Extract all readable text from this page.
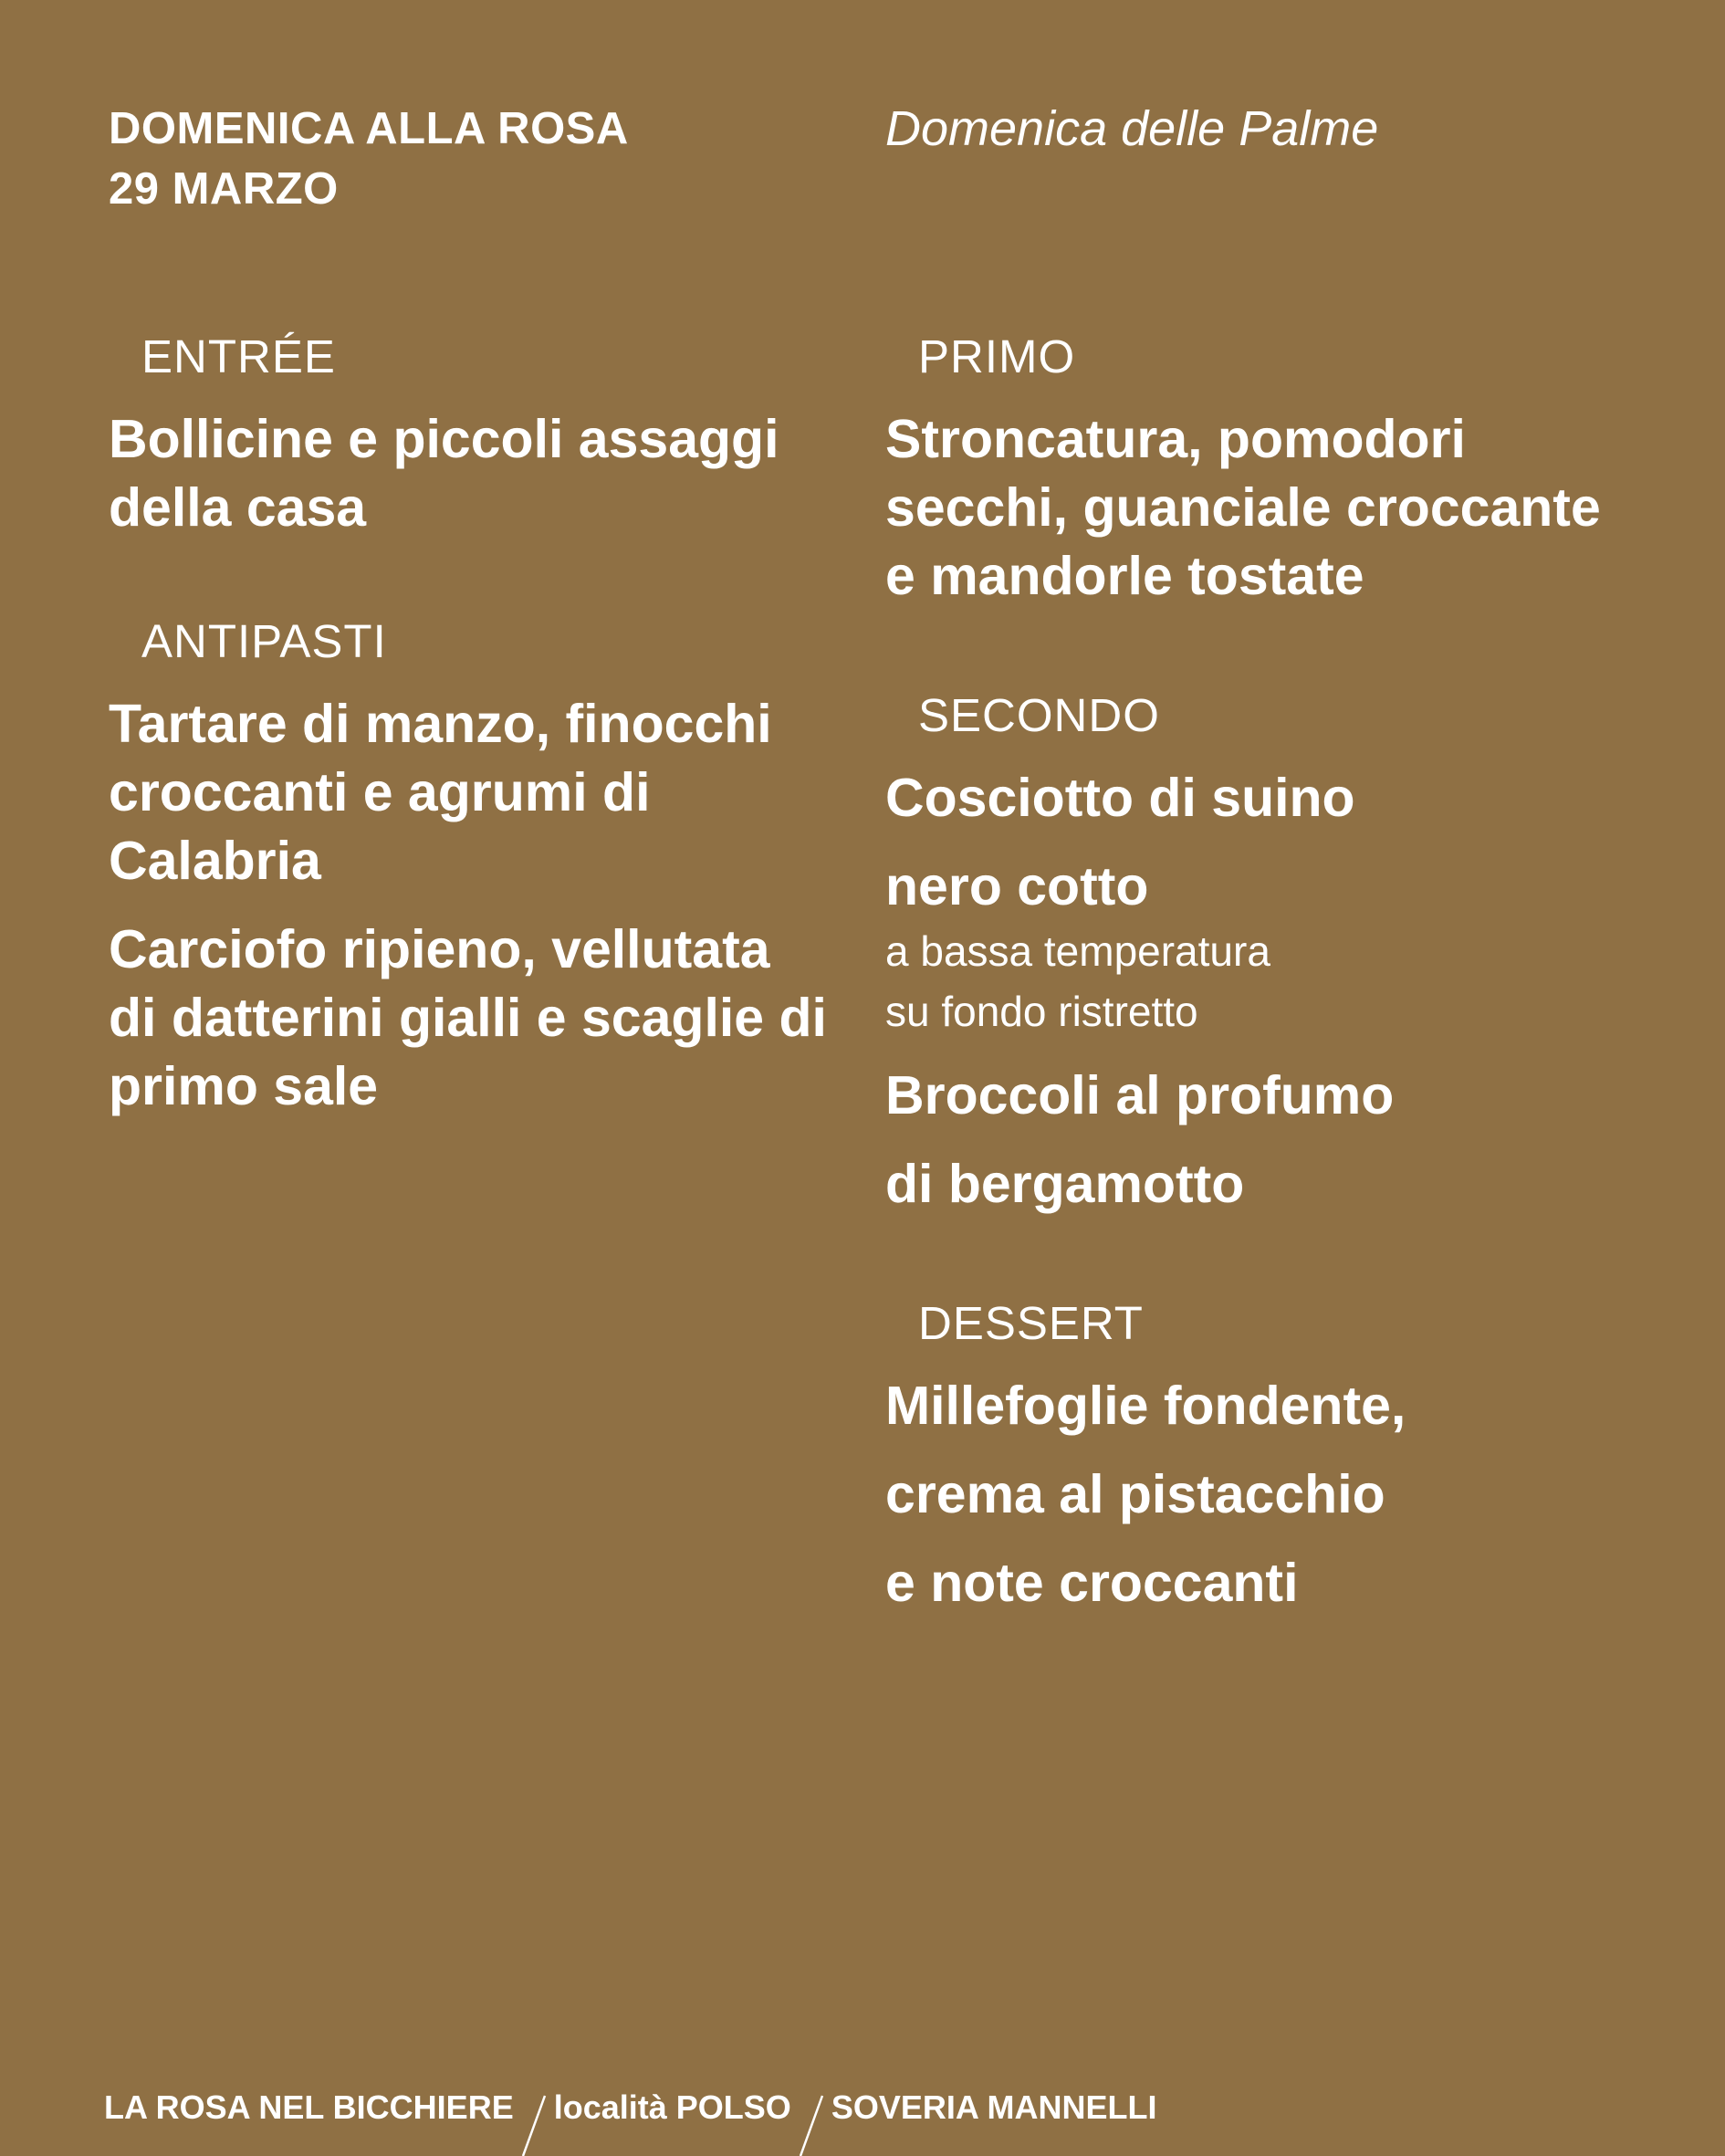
DOMENICA ALLA ROSA
29 MARZO
Domenica delle Palme
ENTRÉE

Bollicine e piccoli assaggi della casa

ANTIPASTI

Tartare di manzo, finocchi croccanti e agrumi di Calabria

Carciofo ripieno, vellutata di datterini gialli e scaglie di primo sale

PRIMO

Stroncatura, pomodori secchi, guanciale croccante e mandorle tostate

SECONDO
Cosciotto di suino
nero cotto
a bassa temperatura
su fondo ristretto
Broccoli al profumo
di bergamotto
DESSERT
Millefoglie fondente,
crema al pistacchio
e note croccanti
LA ROSA NEL BICCHIERE località POLSO SOVERIA MANNELLI
